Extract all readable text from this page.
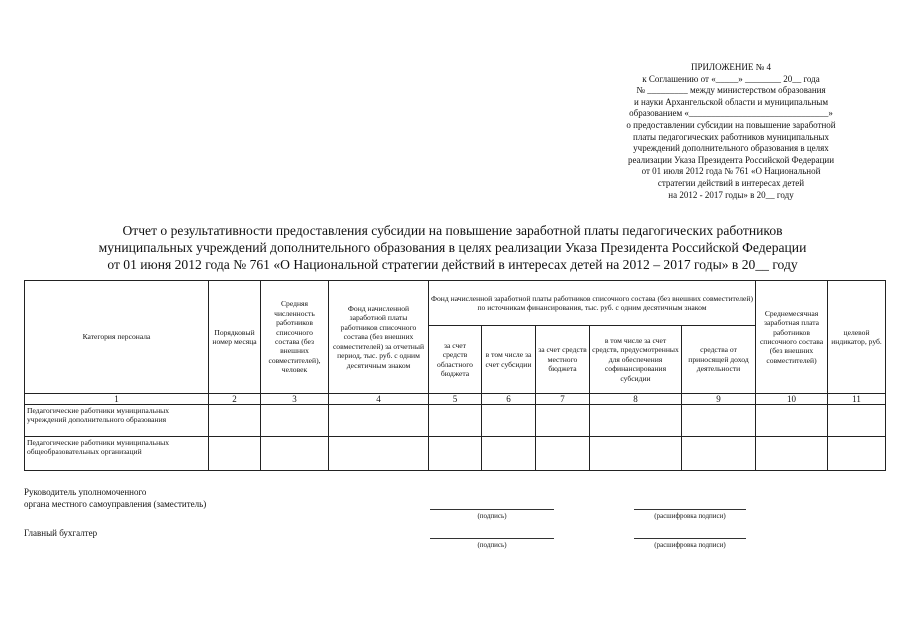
ПРИЛОЖЕНИЕ № 4
к Соглашению от «_____» ________ 20__ года
№ _________ между министерством образования
и науки Архангельской области и муниципальным
образованием «_______________________________»
о предоставлении субсидии на повышение заработной
платы педагогических работников муниципальных
учреждений дополнительного образования в целях
реализации Указа Президента Российской Федерации
от 01 июля 2012 года № 761 «О Национальной
стратегии действий в интересах детей
на 2012 - 2017 годы» в 20__ году
Отчет о результативности предоставления субсидии на повышение заработной платы педагогических работников
муниципальных учреждений дополнительного образования в целях реализации Указа Президента Российской Федерации
от 01 июня 2012 года № 761 «О Национальной стратегии действий в интересах детей на 2012 – 2017 годы» в 20__ году
Категория персонала	Порядковый номер месяца	Средняя численность работников списочного состава (без внешних совместителей), человек	Фонд начисленной заработной платы работников списочного состава (без внешних совместителей) за отчетный период, тыс. руб. с одним десятичным знаком	Фонд начисленной заработной платы работников списочного состава (без внешних совместителей) по источникам финансирования, тыс. руб. с одним десятичным знаком					Среднемесячная заработная плата работников списочного состава (без внешних совместителей)	целевой индикатор, руб.
				за счет средств областного бюджета	в том числе за счет субсидии	за счет средств местного бюджета	в том числе за счет средств, предусмотренных для обеспечения софинансирования субсидии	средства от приносящей доход деятельности		
1	2	3	4	5	6	7	8	9	10	11
Педагогические работники муниципальных учреждений дополнительного образования										
Педагогические работники муниципальных общеобразовательных организаций										
Руководитель уполномоченного
органа местного самоуправления (заместитель)
(подпись)	(расшифровка подписи)
Главный бухгалтер
(подпись)	(расшифровка подписи)
